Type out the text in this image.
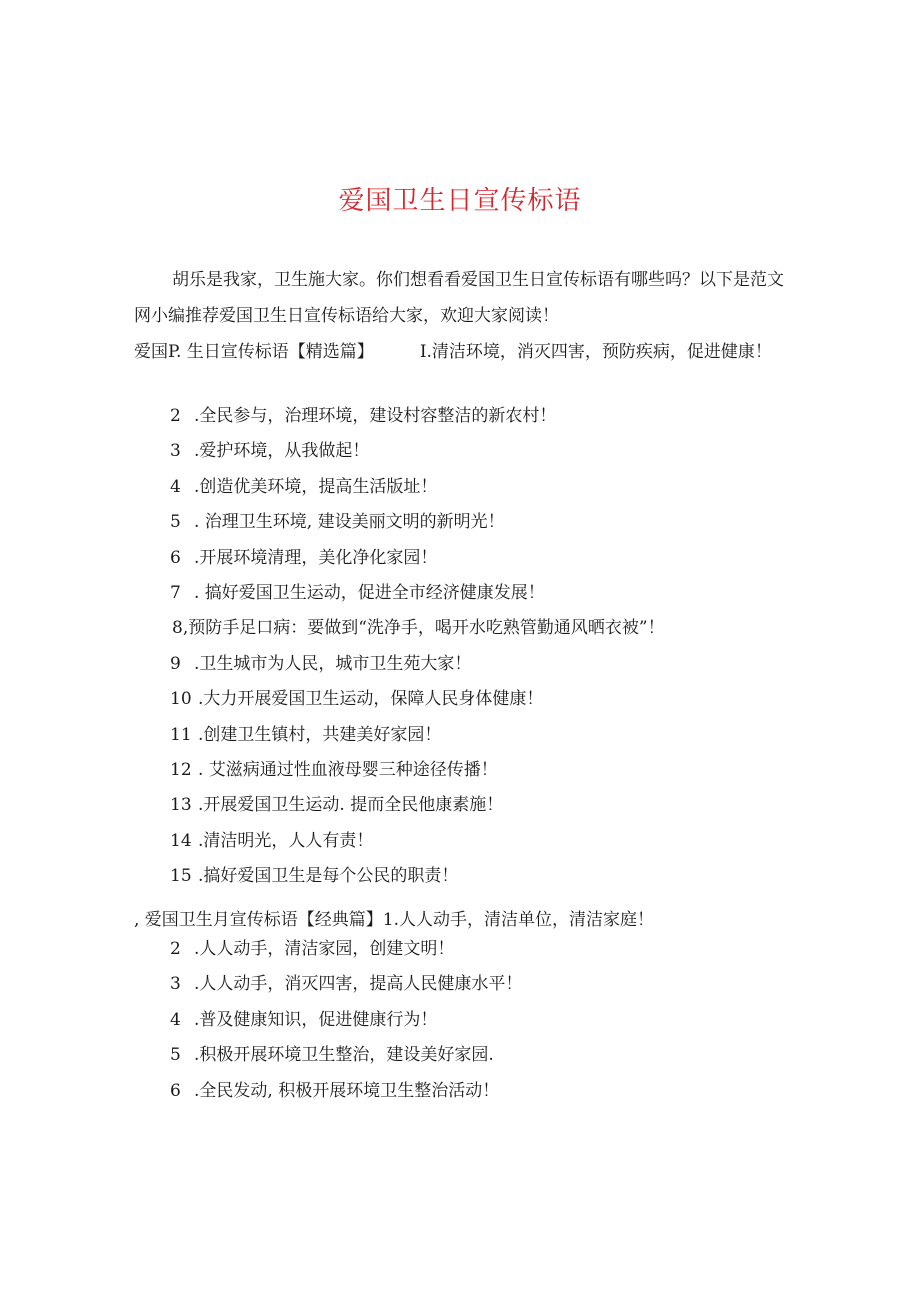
爱国卫生日宣传标语

胡乐是我家，卫生施大家。你们想看看爱国卫生日宣传标语有哪些吗？以下是范文网小编推荐爱国卫生日宣传标语给大家，欢迎大家阅读！

爱国P. 生日宣传标语【精选篇】	I.清洁环境，消灭四害，预防疾病，促进健康！

2 .全民参与，治理环境，建设村容整洁的新农村！
3 .爱护环境，从我做起！
4 .创造优美环境，提高生活版址！
5 . 治理卫生环境, 建设美丽文明的新明光！
6 .开展环境清理，美化净化家园！
7 . 搞好爱国卫生运动，促进全市经济健康发展！
8,预防手足口病：要做到“洗净手，喝开水吃熟管勤通风晒衣被”！
9 .卫生城市为人民，城市卫生苑大家！
10 .大力开展爱国卫生运动，保障人民身体健康！
11 .创建卫生镇村，共建美好家园！
12 . 艾滋病通过性血液母婴三种途径传播！
13 .开展爱国卫生运动. 提而全民他康素施！
14 .清洁明光，人人有责！
15 .搞好爱国卫生是每个公民的职责！

, 爱国卫生月宣传标语【经典篇】1.人人动手，清洁单位，清洁家庭！

2 .人人动手，清洁家园，创建文明！
3 .人人动手，消灭四害，提高人民健康水平！
4 .普及健康知识，促进健康行为！
5 .积极开展环境卫生整治，建设美好家园.
6 .全民发动, 积极开展环境卫生整治活动！
